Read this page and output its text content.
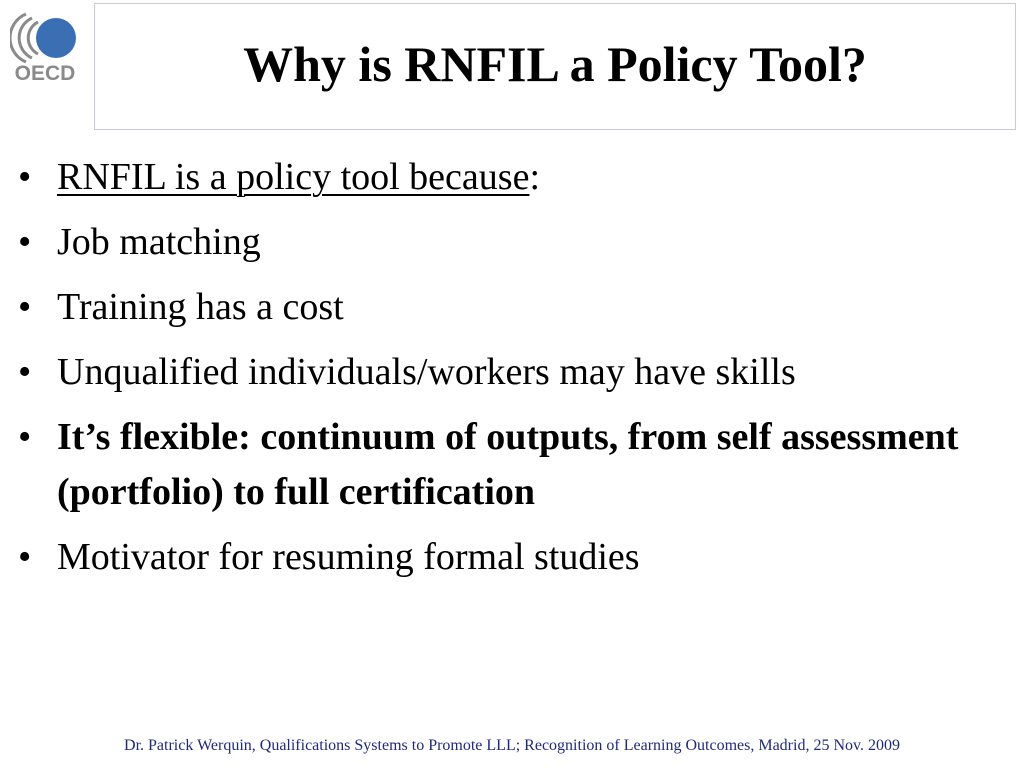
OECD	Why is RNFIL a Policy Tool?
• RNFIL is a policy tool because:
• Job matching
• Training has a cost
• Unqualified individuals/workers may have skills
• It’s flexible: continuum of outputs, from self assessment (portfolio) to full certification
• Motivator for resuming formal studies
Dr. Patrick Werquin, Qualifications Systems to Promote LLL; Recognition of Learning Outcomes, Madrid, 25 Nov. 2009
